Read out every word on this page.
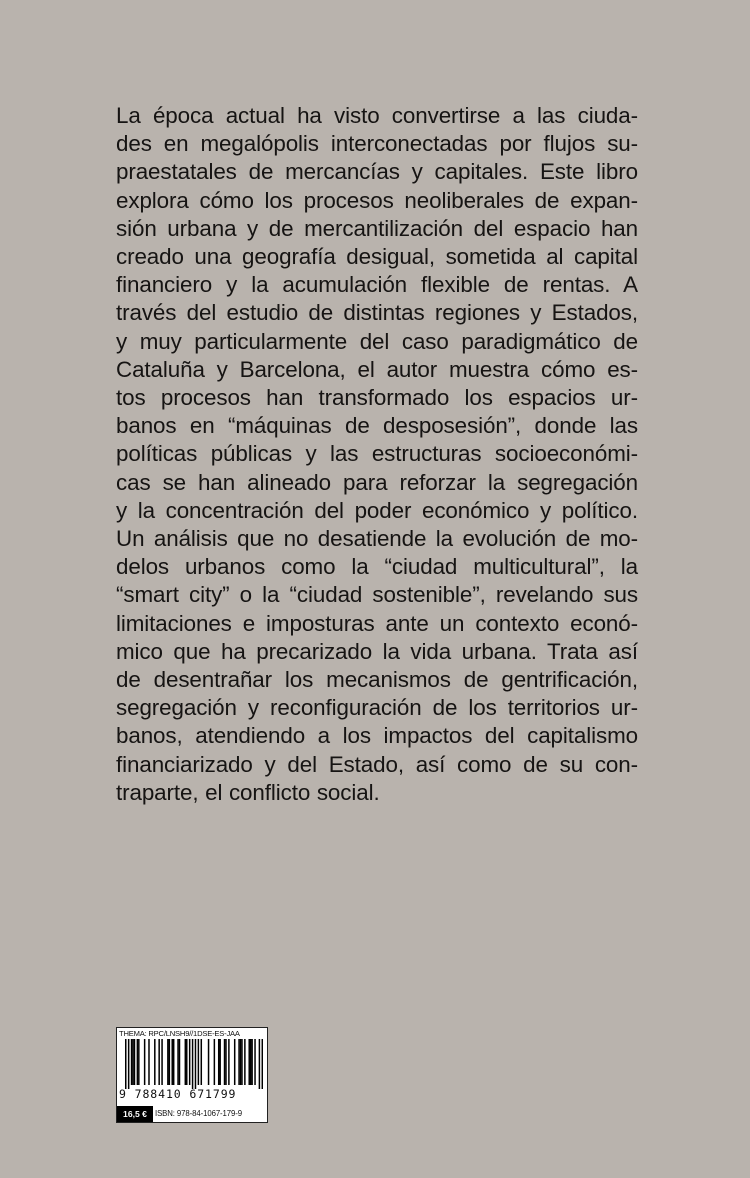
La época actual ha visto convertirse a las ciuda-
des en megalópolis interconectadas por flujos su-
praestatales de mercancías y capitales. Este libro
explora cómo los procesos neoliberales de expan-
sión urbana y de mercantilización del espacio han
creado una geografía desigual, sometida al capital
financiero y la acumulación flexible de rentas. A
través del estudio de distintas regiones y Estados,
y muy particularmente del caso paradigmático de
Cataluña y Barcelona, el autor muestra cómo es-
tos procesos han transformado los espacios ur-
banos en “máquinas de desposesión”, donde las
políticas públicas y las estructuras socioeconómi-
cas se han alineado para reforzar la segregación
y la concentración del poder económico y político.
Un análisis que no desatiende la evolución de mo-
delos urbanos como la “ciudad multicultural”, la
“smart city” o la “ciudad sostenible”, revelando sus
limitaciones e imposturas ante un contexto econó-
mico que ha precarizado la vida urbana. Trata así
de desentrañar los mecanismos de gentrificación,
segregación y reconfiguración de los territorios ur-
banos, atendiendo a los impactos del capitalismo
financiarizado y del Estado, así como de su con-
traparte, el conflicto social.

THEMA: RPC/LNSH9//1DSE-ES-JAA
9 788410 671799
16,5 €	ISBN: 978-84-1067-179-9
